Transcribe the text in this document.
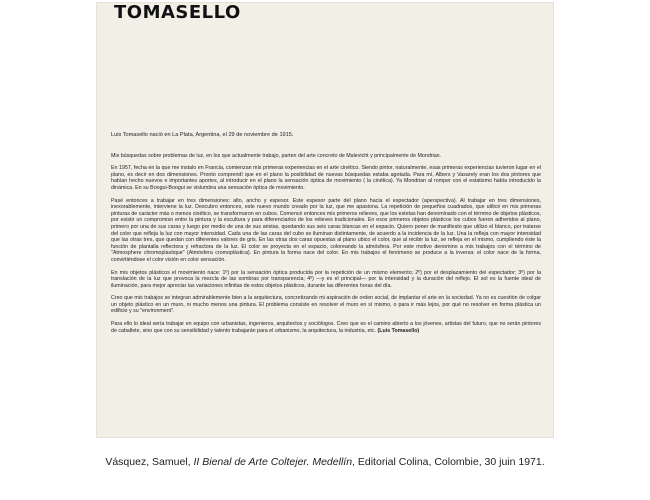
TOMASELLO

Luis Tomasello nació en La Plata, Argentina, el 29 de noviembre de 1915.

Mis búsquedas sobre problemas de luz, en los que actualmente trabajo, parten del arte concreto de Malevicht y principalmente de Mondrian.

En 1957, fecha en la que me instalo en Francia, comienzan mis primeras experiencias en el arte cinético. Siendo pintor, naturalmente, esas primeras experiencias tuvieron lugar en el plano, es decir en dos dimensiones. Pronto comprendí que en el plano la posibilidad de nuevas búsquedas estaba agotada. Para mí, Albers y Vasarely eran los dos pintores que habían hecho nuevos e importantes aportes, al introducir en el plano la sensación óptica de movimiento ( la cinética). Ya Mondrian al romper con el estatismo había introducido la dinámica. En su Boogui-Boogui se vislumbra una sensación óptica de movimiento.

Pasé entonces a trabajar en tres dimensiones: alto, ancho y espesor. Este espesor parte del plano hacia el espectador (aperspectiva). Al trabajar en tres dimensiones, inexorablemente, interviene la luz. Descubro entonces, este nuevo mundo creado por la luz, que me apasiona. La repetición de pequeños cuadrados, que utilicé en mis primeras pinturas de carácter más o menos cinético, se transformaron en cubos. Comencé entonces mis primeros relieves, que los estetas han denominado con el término de objetos plásticos, por existir un compromiso entre la pintura y la escultura y para diferenciarlos de los relieves tradicionales. En esos primeros objetos plásticos los cubos fueron adheridos al plano, primero por una de sus caras y luego por medio de una de sus aristas, quedando sus seis caras blancas en el espacio. Quiero poner de manifiesto que utilizo el blanco, por tratarse del color que refleja la luz con mayor intensidad. Cada una de las caras del cubo se iluminan distintamente, de acuerdo a la incidencia de la luz. Una la refleja con mayor intensidad que las otras tres, que quedan con diferentes valores de gris. En las otras dos caras opuestas al plano ubico el color, que al recibir la luz, se refleja en el mismo, cumpliendo éste la función de plantalla reflectora y refractora de la luz. El color se proyecta en el espacio, coloreando la atmósfera. Por este motivo denomino a mis trabajos con el término de "Atmosphere chromoplastique" (Atmósfera cromoplástica). En pintura la forma nace del color. En mis trabajos el fenómeno se produce a la inversa: el color nace de la forma, convirtiéndose el color visión en color sensación.

En mis objetos plásticos el movimiento nace: 1º) por la sensación óptica producida por la repetición de un mismo elemento; 2º) por el desplazamiento del espectador; 3º) por la translación de la luz que provoca la mezcla de las sombras por transparencia; 4º) —y es el principal— por la intensidad y la duración del reflejo. El sol es la fuente ideal de iluminación, para mejor apreciar las variaciones infinitas de estos objetos plásticos, durante las diferentes horas del día.

Creo que mis trabajos se integran admirablemente bien a la arquitectura, concretizando mi aspiración de orden social, de implantar el arte en la sociedad. Ya no es cuestión de colgar un objeto plástico en un muro, ni mucho menos una pintura. El problema consiste en resolver el muro en sí mismo, o para ir más lejos, por qué no resolver en forma plástica un edificio y su "environment".

Para ello lo ideal sería trabajar en equipo con urbanistas, ingenieros, arquitectos y sociólogos. Creo que es el camino abierto a los jóvenes, artistas del futuro, que no serán pintores de caballete, sino que con su sensibilidad y talento trabajarán para el urbanismo, la arquitectura, la industria, etc. (Luis Tomasello)

Vásquez, Samuel, II Bienal de Arte Coltejer. Medellín, Editorial Colina, Colombie, 30 juin 1971.
